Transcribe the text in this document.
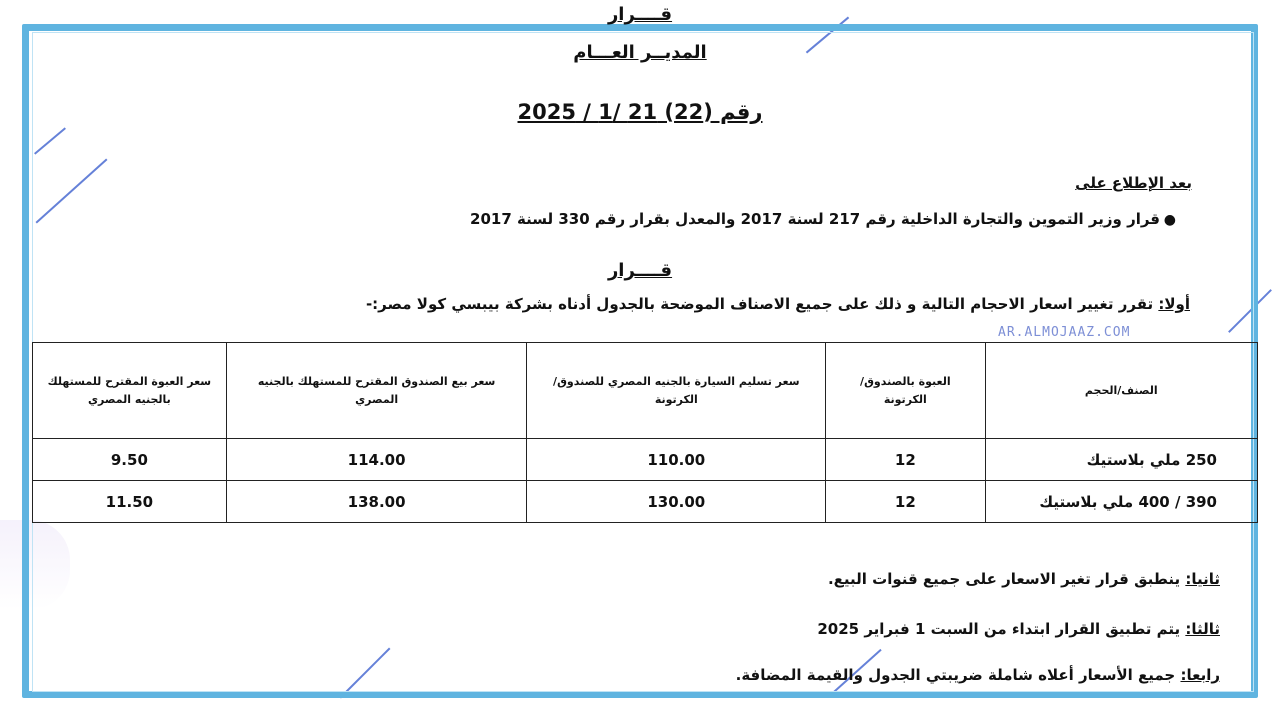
قــــرار
المديــر العـــام
رقم (22) 21 /1 / 2025
بعد الإطلاع على
●
قرار وزير التموين والتجارة الداخلية رقم 217 لسنة 2017 والمعدل بقرار رقم 330 لسنة 2017
قــــرار
أولا: تقرر تغيير اسعار الاحجام التالية و ذلك على جميع الاصناف الموضحة بالجدول أدناه بشركة بيبسي كولا مصر:-
AR.ALMOJAAZ.COM
الصنف/الحجم	العبوة بالصندوق/ الكرتونة	سعر تسليم السيارة بالجنيه المصري للصندوق/الكرتونة	سعر بيع الصندوق المقترح للمستهلك بالجنيه المصري	سعر العبوة المقترح للمستهلك بالجنيه المصري
250 ملي بلاستيك	12	110.00	114.00	9.50
390 / 400 ملي بلاستيك	12	130.00	138.00	11.50
ثانيا: ينطبق قرار تغير الاسعار على جميع قنوات البيع.
ثالثا: يتم تطبيق القرار ابتداء من السبت 1 فبراير 2025
رابعا: جميع الأسعار أعلاه شاملة ضريبتي الجدول والقيمة المضافة.
